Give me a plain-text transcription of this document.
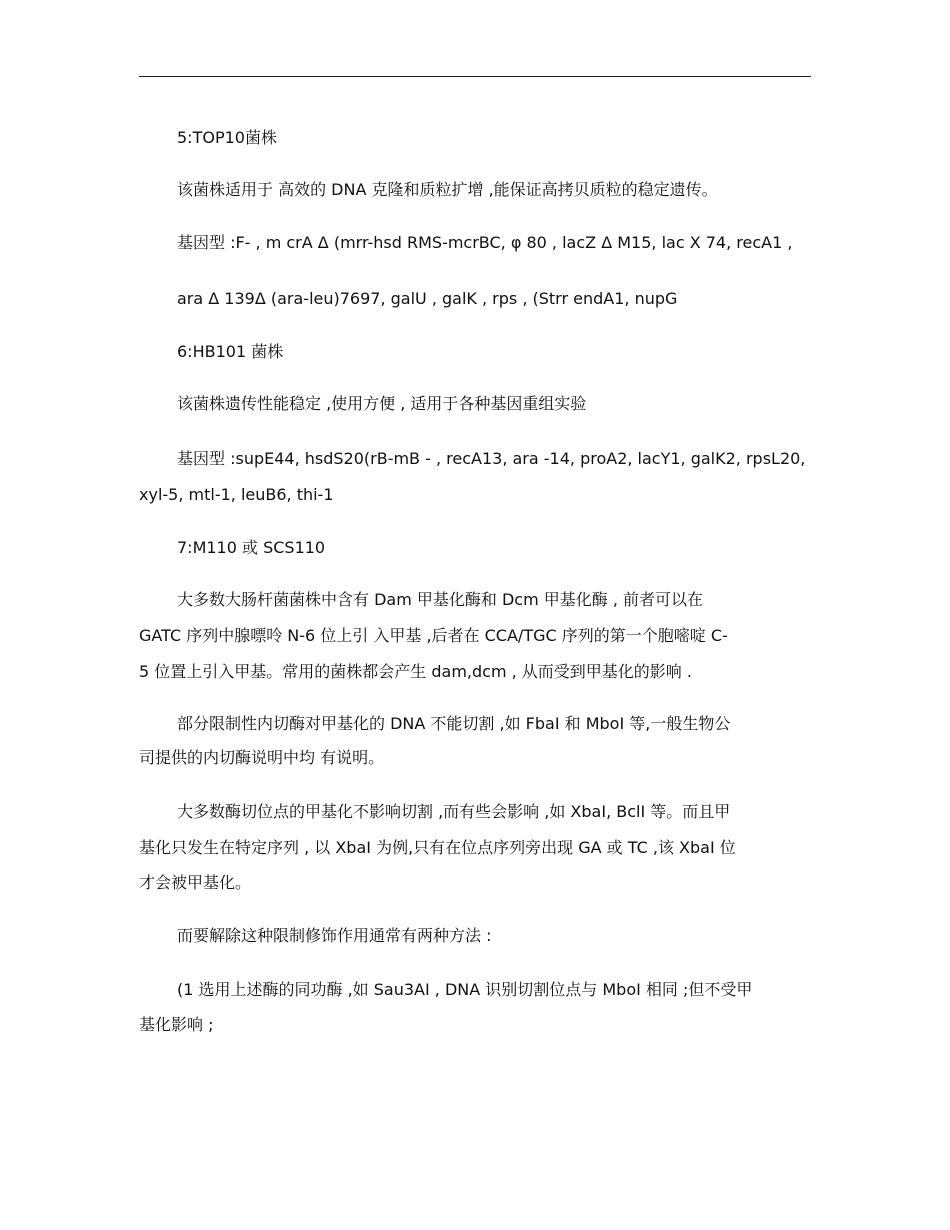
5:TOP10菌株
该菌株适用于 高效的 DNA 克隆和质粒扩增 ,能保证高拷贝质粒的稳定遗传。
基因型 :F- , m crA Δ (mrr-hsd RMS-mcrBC, φ 80 , lacZ Δ M15, lac Χ 74, recA1 ,
ara Δ 139Δ (ara-leu)7697, galU , galK , rps , (Strr endA1, nupG
6:HB101 菌株
该菌株遗传性能稳定 ,使用方便 , 适用于各种基因重组实验
基因型 :supE44, hsdS20(rB-mB - , recA13, ara -14, proA2, lacY1, galK2, rpsL20,
xyl-5, mtl-1, leuB6, thi-1
7:M110 或 SCS110
大多数大肠杆菌菌株中含有 Dam 甲基化酶和 Dcm 甲基化酶 , 前者可以在
GATC 序列中腺嘌呤 N-6 位上引 入甲基 ,后者在 CCA/TGC 序列的第一个胞嘧啶 C-
5 位置上引入甲基。常用的菌株都会产生 dam,dcm , 从而受到甲基化的影响 .
部分限制性内切酶对甲基化的 DNA 不能切割 ,如 FbaI 和 MboI 等,一般生物公
司提供的内切酶说明中均 有说明。
大多数酶切位点的甲基化不影响切割 ,而有些会影响 ,如 XbaI, BclI 等。而且甲
基化只发生在特定序列 , 以 XbaI 为例,只有在位点序列旁出现 GA 或 TC ,该 XbaI 位
才会被甲基化。
而要解除这种限制修饰作用通常有两种方法 :
(1 选用上述酶的同功酶 ,如 Sau3AI , DNA 识别切割位点与 MboI 相同 ;但不受甲
基化影响 ;
